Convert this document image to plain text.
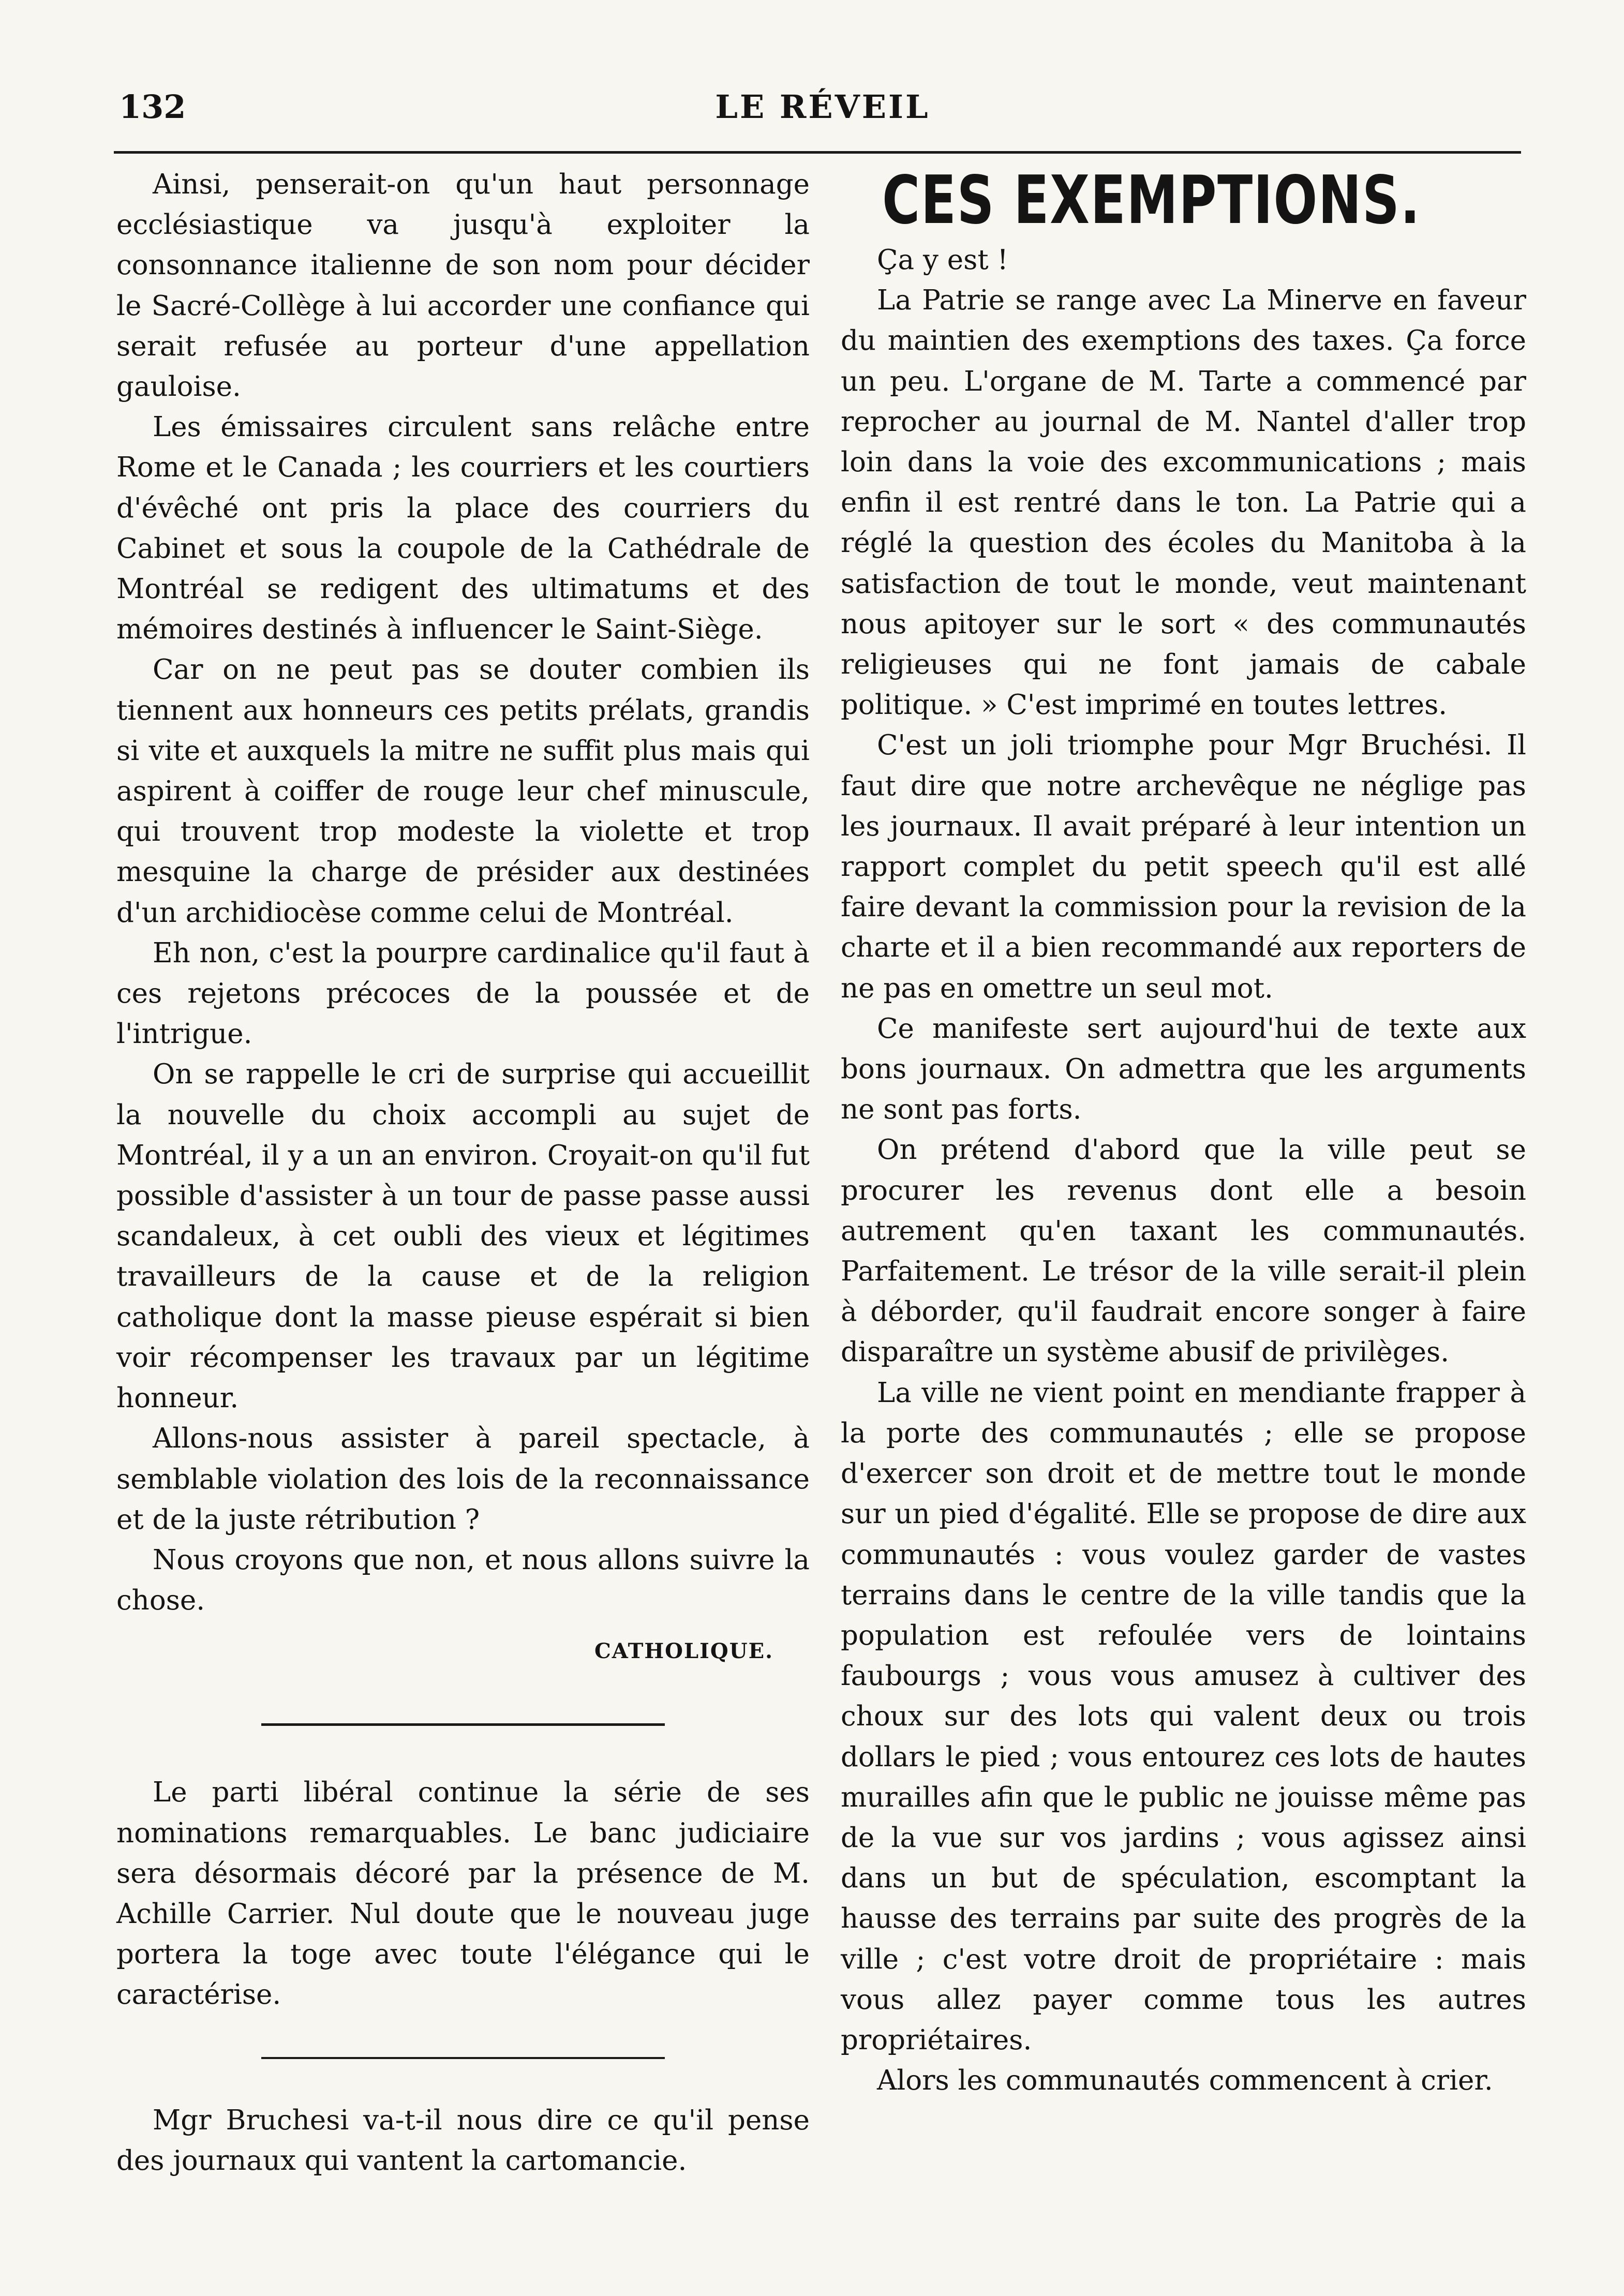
132	LE RÉVEIL

Ainsi, penserait-on qu'un haut personnage ecclésiastique va jusqu'à exploiter la consonnance italienne de son nom pour décider le Sacré-Collège à lui accorder une confiance qui serait refusée au porteur d'une appellation gauloise.

Les émissaires circulent sans relâche entre Rome et le Canada ; les courriers et les courtiers d'évêché ont pris la place des courriers du Cabinet et sous la coupole de la Cathédrale de Montréal se redigent des ultimatums et des mémoires destinés à influencer le Saint-Siège.

Car on ne peut pas se douter combien ils tiennent aux honneurs ces petits prélats, grandis si vite et auxquels la mitre ne suffit plus mais qui aspirent à coiffer de rouge leur chef minuscule, qui trouvent trop modeste la violette et trop mesquine la charge de présider aux destinées d'un archidiocèse comme celui de Montréal.

Eh non, c'est la pourpre cardinalice qu'il faut à ces rejetons précoces de la poussée et de l'intrigue.

On se rappelle le cri de surprise qui accueillit la nouvelle du choix accompli au sujet de Montréal, il y a un an environ. Croyait-on qu'il fut possible d'assister à un tour de passe passe aussi scandaleux, à cet oubli des vieux et légitimes travailleurs de la cause et de la religion catholique dont la masse pieuse espérait si bien voir récompenser les travaux par un légitime honneur.

Allons-nous assister à pareil spectacle, à semblable violation des lois de la reconnaissance et de la juste rétribution ?

Nous croyons que non, et nous allons suivre la chose.

CATHOLIQUE.

Le parti libéral continue la série de ses nominations remarquables. Le banc judiciaire sera désormais décoré par la présence de M. Achille Carrier. Nul doute que le nouveau juge portera la toge avec toute l'élégance qui le caractérise.

Mgr Bruchesi va-t-il nous dire ce qu'il pense des journaux qui vantent la cartomancie.

CES EXEMPTIONS.

Ça y est !

La Patrie se range avec La Minerve en faveur du maintien des exemptions des taxes. Ça force un peu. L'organe de M. Tarte a commencé par reprocher au journal de M. Nantel d'aller trop loin dans la voie des excommunications ; mais enfin il est rentré dans le ton. La Patrie qui a réglé la question des écoles du Manitoba à la satisfaction de tout le monde, veut maintenant nous apitoyer sur le sort « des communautés religieuses qui ne font jamais de cabale politique. » C'est imprimé en toutes lettres.

C'est un joli triomphe pour Mgr Bruchési. Il faut dire que notre archevêque ne néglige pas les journaux. Il avait préparé à leur intention un rapport complet du petit speech qu'il est allé faire devant la commission pour la revision de la charte et il a bien recommandé aux reporters de ne pas en omettre un seul mot.

Ce manifeste sert aujourd'hui de texte aux bons journaux. On admettra que les arguments ne sont pas forts.

On prétend d'abord que la ville peut se procurer les revenus dont elle a besoin autrement qu'en taxant les communautés. Parfaitement. Le trésor de la ville serait-il plein à déborder, qu'il faudrait encore songer à faire disparaître un système abusif de privilèges.

La ville ne vient point en mendiante frapper à la porte des communautés ; elle se propose d'exercer son droit et de mettre tout le monde sur un pied d'égalité. Elle se propose de dire aux communautés : vous voulez garder de vastes terrains dans le centre de la ville tandis que la population est refoulée vers de lointains faubourgs ; vous vous amusez à cultiver des choux sur des lots qui valent deux ou trois dollars le pied ; vous entourez ces lots de hautes murailles afin que le public ne jouisse même pas de la vue sur vos jardins ; vous agissez ainsi dans un but de spéculation, escomptant la hausse des terrains par suite des progrès de la ville ; c'est votre droit de propriétaire : mais vous allez payer comme tous les autres propriétaires.

Alors les communautés commencent à crier.
